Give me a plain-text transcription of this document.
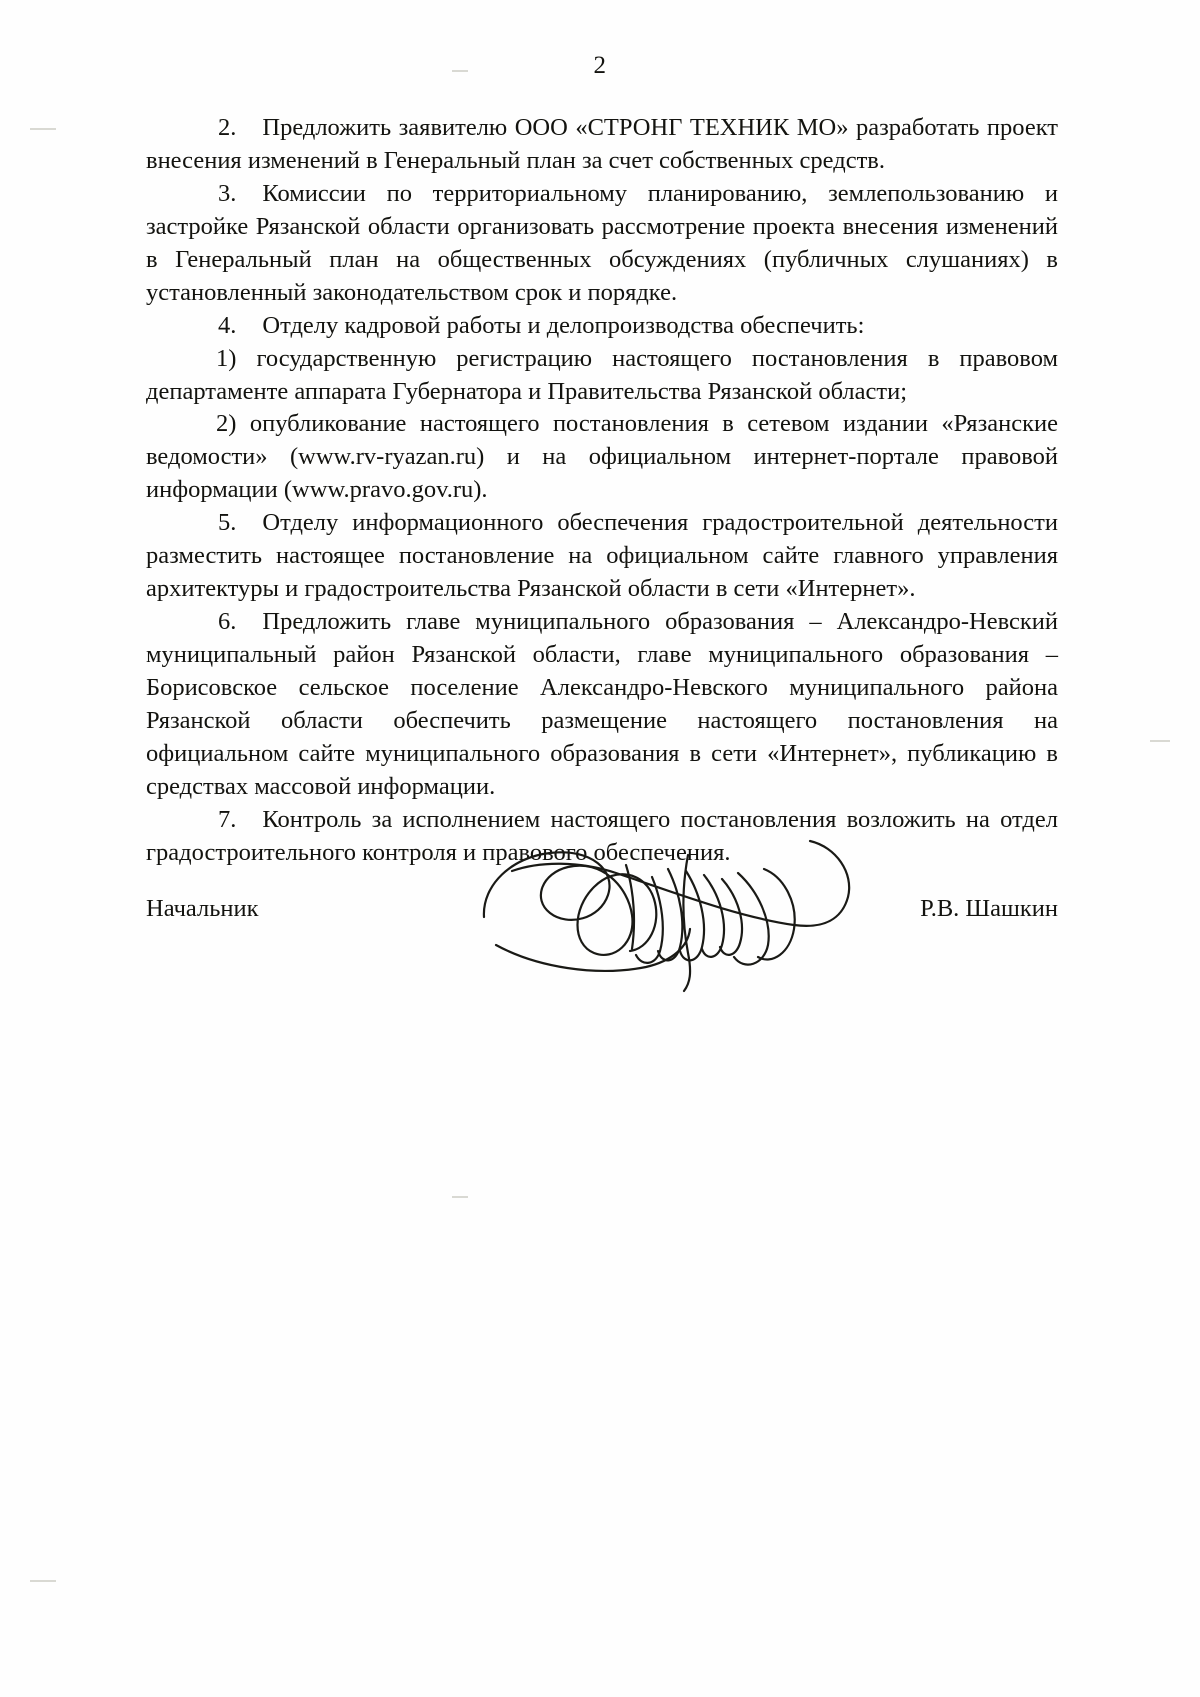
2

2. Предложить заявителю ООО «СТРОНГ ТЕХНИК МО» разработать проект внесения изменений в Генеральный план за счет собственных средств.

3. Комиссии по территориальному планированию, землепользованию и застройке Рязанской области организовать рассмотрение проекта внесения изменений в Генеральный план на общественных обсуждениях (публичных слушаниях) в установленный законодательством срок и порядке.

4. Отделу кадровой работы и делопроизводства обеспечить:

1) государственную регистрацию настоящего постановления в правовом департаменте аппарата Губернатора и Правительства Рязанской области;

2) опубликование настоящего постановления в сетевом издании «Рязанские ведомости» (www.rv-ryazan.ru) и на официальном интернет-портале правовой информации (www.pravo.gov.ru).

5. Отделу информационного обеспечения градостроительной деятельности разместить настоящее постановление на официальном сайте главного управления архитектуры и градостроительства Рязанской области в сети «Интернет».

6. Предложить главе муниципального образования – Александро-Невский муниципальный район Рязанской области, главе муниципального образования – Борисовское сельское поселение Александро-Невского муниципального района Рязанской области обеспечить размещение настоящего постановления на официальном сайте муниципального образования в сети «Интернет», публикацию в средствах массовой информации.

7. Контроль за исполнением настоящего постановления возложить на отдел градостроительного контроля и правового обеспечения.

Начальник	Р.В. Шашкин
